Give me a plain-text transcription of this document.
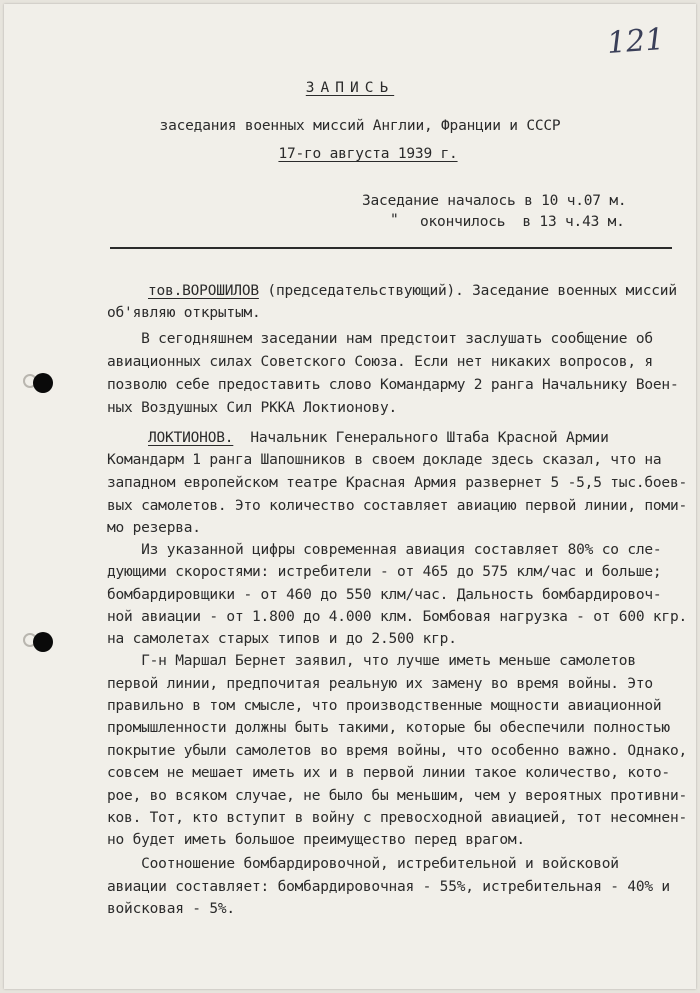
121
ЗАПИСЬ
заседания военных миссий Англии, Франции и СССР
17-го августа 1939 г.
Заседание началось в 10 ч.07 м.
" окончилось  в 13 ч.43 м.
тов.ВОРОШИЛОВ (председательствующий). Заседание военных миссий
об'являю открытым.
В сегодняшнем заседании нам предстоит заслушать сообщение об
авиационных силах Советского Союза. Если нет никаких вопросов, я
позволю себе предоставить слово Командарму 2 ранга Начальнику Воен-
ных Воздушных Сил РККА Локтионову.
ЛОКТИОНОВ.  Начальник Генерального Штаба Красной Армии
Командарм 1 ранга Шапошников в своем докладе здесь сказал, что на
западном европейском театре Красная Армия развернет 5 -5,5 тыс.боев-
вых самолетов. Это количество составляет авиацию первой линии, поми-
мо резерва.
Из указанной цифры современная авиация составляет 80% со сле-
дующими скоростями: истребители - от 465 до 575 клм/час и больше;
бомбардировщики - от 460 до 550 клм/час. Дальность бомбардировоч-
ной авиации - от 1.800 до 4.000 клм. Бомбовая нагрузка - от 600 кгр.
на самолетах старых типов и до 2.500 кгр.
Г-н Маршал Бернет заявил, что лучше иметь меньше самолетов
первой линии, предпочитая реальную их замену во время войны. Это
правильно в том смысле, что производственные мощности авиационной
промышленности должны быть такими, которые бы обеспечили полностью
покрытие убыли самолетов во время войны, что особенно важно. Однако,
совсем не мешает иметь их и в первой линии такое количество, кото-
рое, во всяком случае, не было бы меньшим, чем у вероятных противни-
ков. Тот, кто вступит в войну с превосходной авиацией, тот несомнен-
но будет иметь большое преимущество перед врагом.
Соотношение бомбардировочной, истребительной и войсковой
авиации составляет: бомбардировочная - 55%, истребительная - 40% и
войсковая - 5%.
